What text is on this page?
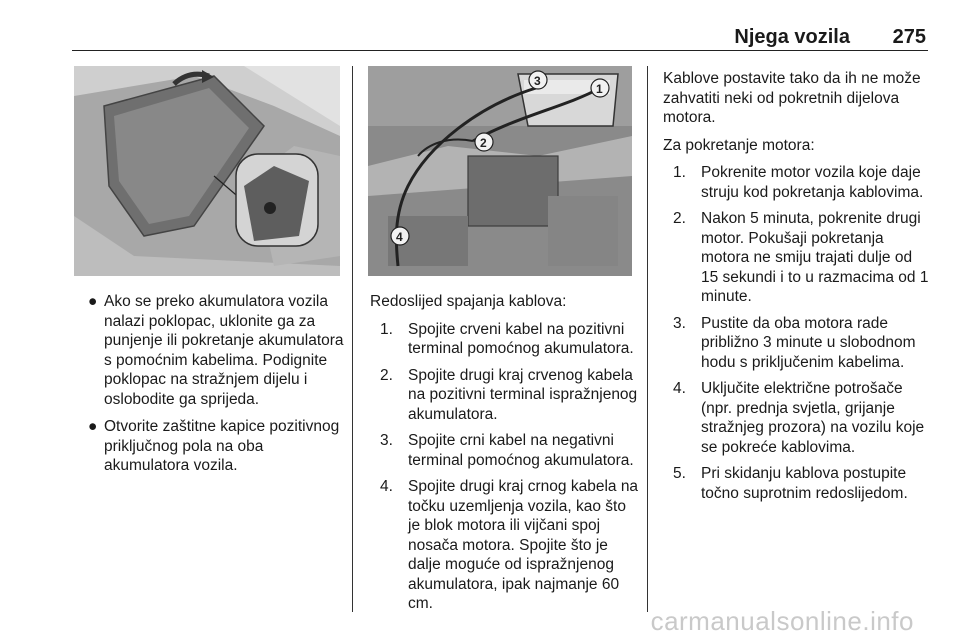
Njega vozila 275
1
2
3
4
● Ako se preko akumulatora vozila nalazi poklopac, uklonite ga za punjenje ili pokretanje akumulatora s pomoćnim kabelima. Podignite poklopac na stražnjem dijelu i oslobodite ga sprijeda.
● Otvorite zaštitne kapice pozitivnog priključnog pola na oba akumulatora vozila.
Redoslijed spajanja kablova:
1. Spojite crveni kabel na pozitivni terminal pomoćnog akumulatora.
2. Spojite drugi kraj crvenog kabela na pozitivni terminal ispražnjenog akumulatora.
3. Spojite crni kabel na negativni terminal pomoćnog akumulatora.
4. Spojite drugi kraj crnog kabela na točku uzemljenja vozila, kao što je blok motora ili vijčani spoj nosača motora. Spojite što je dalje moguće od ispražnjenog akumulatora, ipak najmanje 60 cm.
Kablove postavite tako da ih ne može zahvatiti neki od pokretnih dijelova motora.
Za pokretanje motora:
1. Pokrenite motor vozila koje daje struju kod pokretanja kablovima.
2. Nakon 5 minuta, pokrenite drugi motor. Pokušaji pokretanja motora ne smiju trajati dulje od 15 sekundi i to u razmacima od 1 minute.
3. Pustite da oba motora rade približno 3 minute u slobodnom hodu s priključenim kabelima.
4. Uključite električne potrošače (npr. prednja svjetla, grijanje stražnjeg prozora) na vozilu koje se pokreće kablovima.
5. Pri skidanju kablova postupite točno suprotnim redoslijedom.
carmanualsonline.info
